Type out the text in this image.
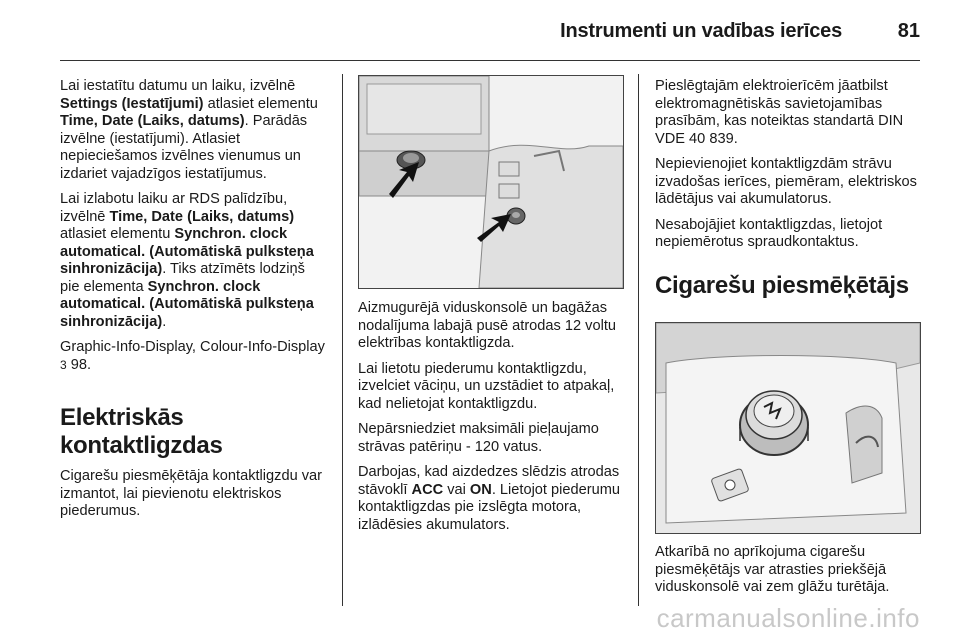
Instrumenti un vadības ierīces	81

Lai iestatītu datumu un laiku, izvēlnē Settings (Iestatījumi) atlasiet elementu Time, Date (Laiks, datums). Parādās izvēlne (iestatījumi). Atlasiet nepieciešamos izvēlnes vienumus un izdariet vajadzīgos iestatījumus.

Lai izlabotu laiku ar RDS palīdzību, izvēlnē Time, Date (Laiks, datums) atlasiet elementu Synchron. clock automatical. (Automātiskā pulksteņa sinhronizācija). Tiks atzīmēts lodziņš pie elementa Synchron. clock automatical. (Automātiskā pulksteņa sinhronizācija).

Graphic-Info-Display, Colour-Info-Display 3 98.

Elektriskās kontaktligzdas

Cigarešu piesmēķētāja kontaktligzdu var izmantot, lai pievienotu elektriskos piederumus.

Aizmugurējā viduskonsolē un bagāžas nodalījuma labajā pusē atrodas 12 voltu elektrības kontaktligzda.

Lai lietotu piederumu kontaktligzdu, izvelciet vāciņu, un uzstādiet to atpakaļ, kad nelietojat kontaktligzdu.

Nepārsniedziet maksimāli pieļaujamo strāvas patēriņu - 120 vatus.

Darbojas, kad aizdedzes slēdzis atrodas stāvoklī ACC vai ON. Lietojot piederumu kontaktligzdas pie izslēgta motora, izlādēsies akumulators.

Pieslēgtajām elektroierīcēm jāatbilst elektromagnētiskās savietojamības prasībām, kas noteiktas standartā DIN VDE 40 839.

Nepievienojiet kontaktligzdām strāvu izvadošas ierīces, piemēram, elektriskos lādētājus vai akumulatorus.

Nesabojājiet kontaktligzdas, lietojot nepiemērotus spraudkontaktus.

Cigarešu piesmēķētājs

Atkarībā no aprīkojuma cigarešu piesmēķētājs var atrasties priekšējā viduskonsolē vai zem glāžu turētāja.

carmanualsonline.info
